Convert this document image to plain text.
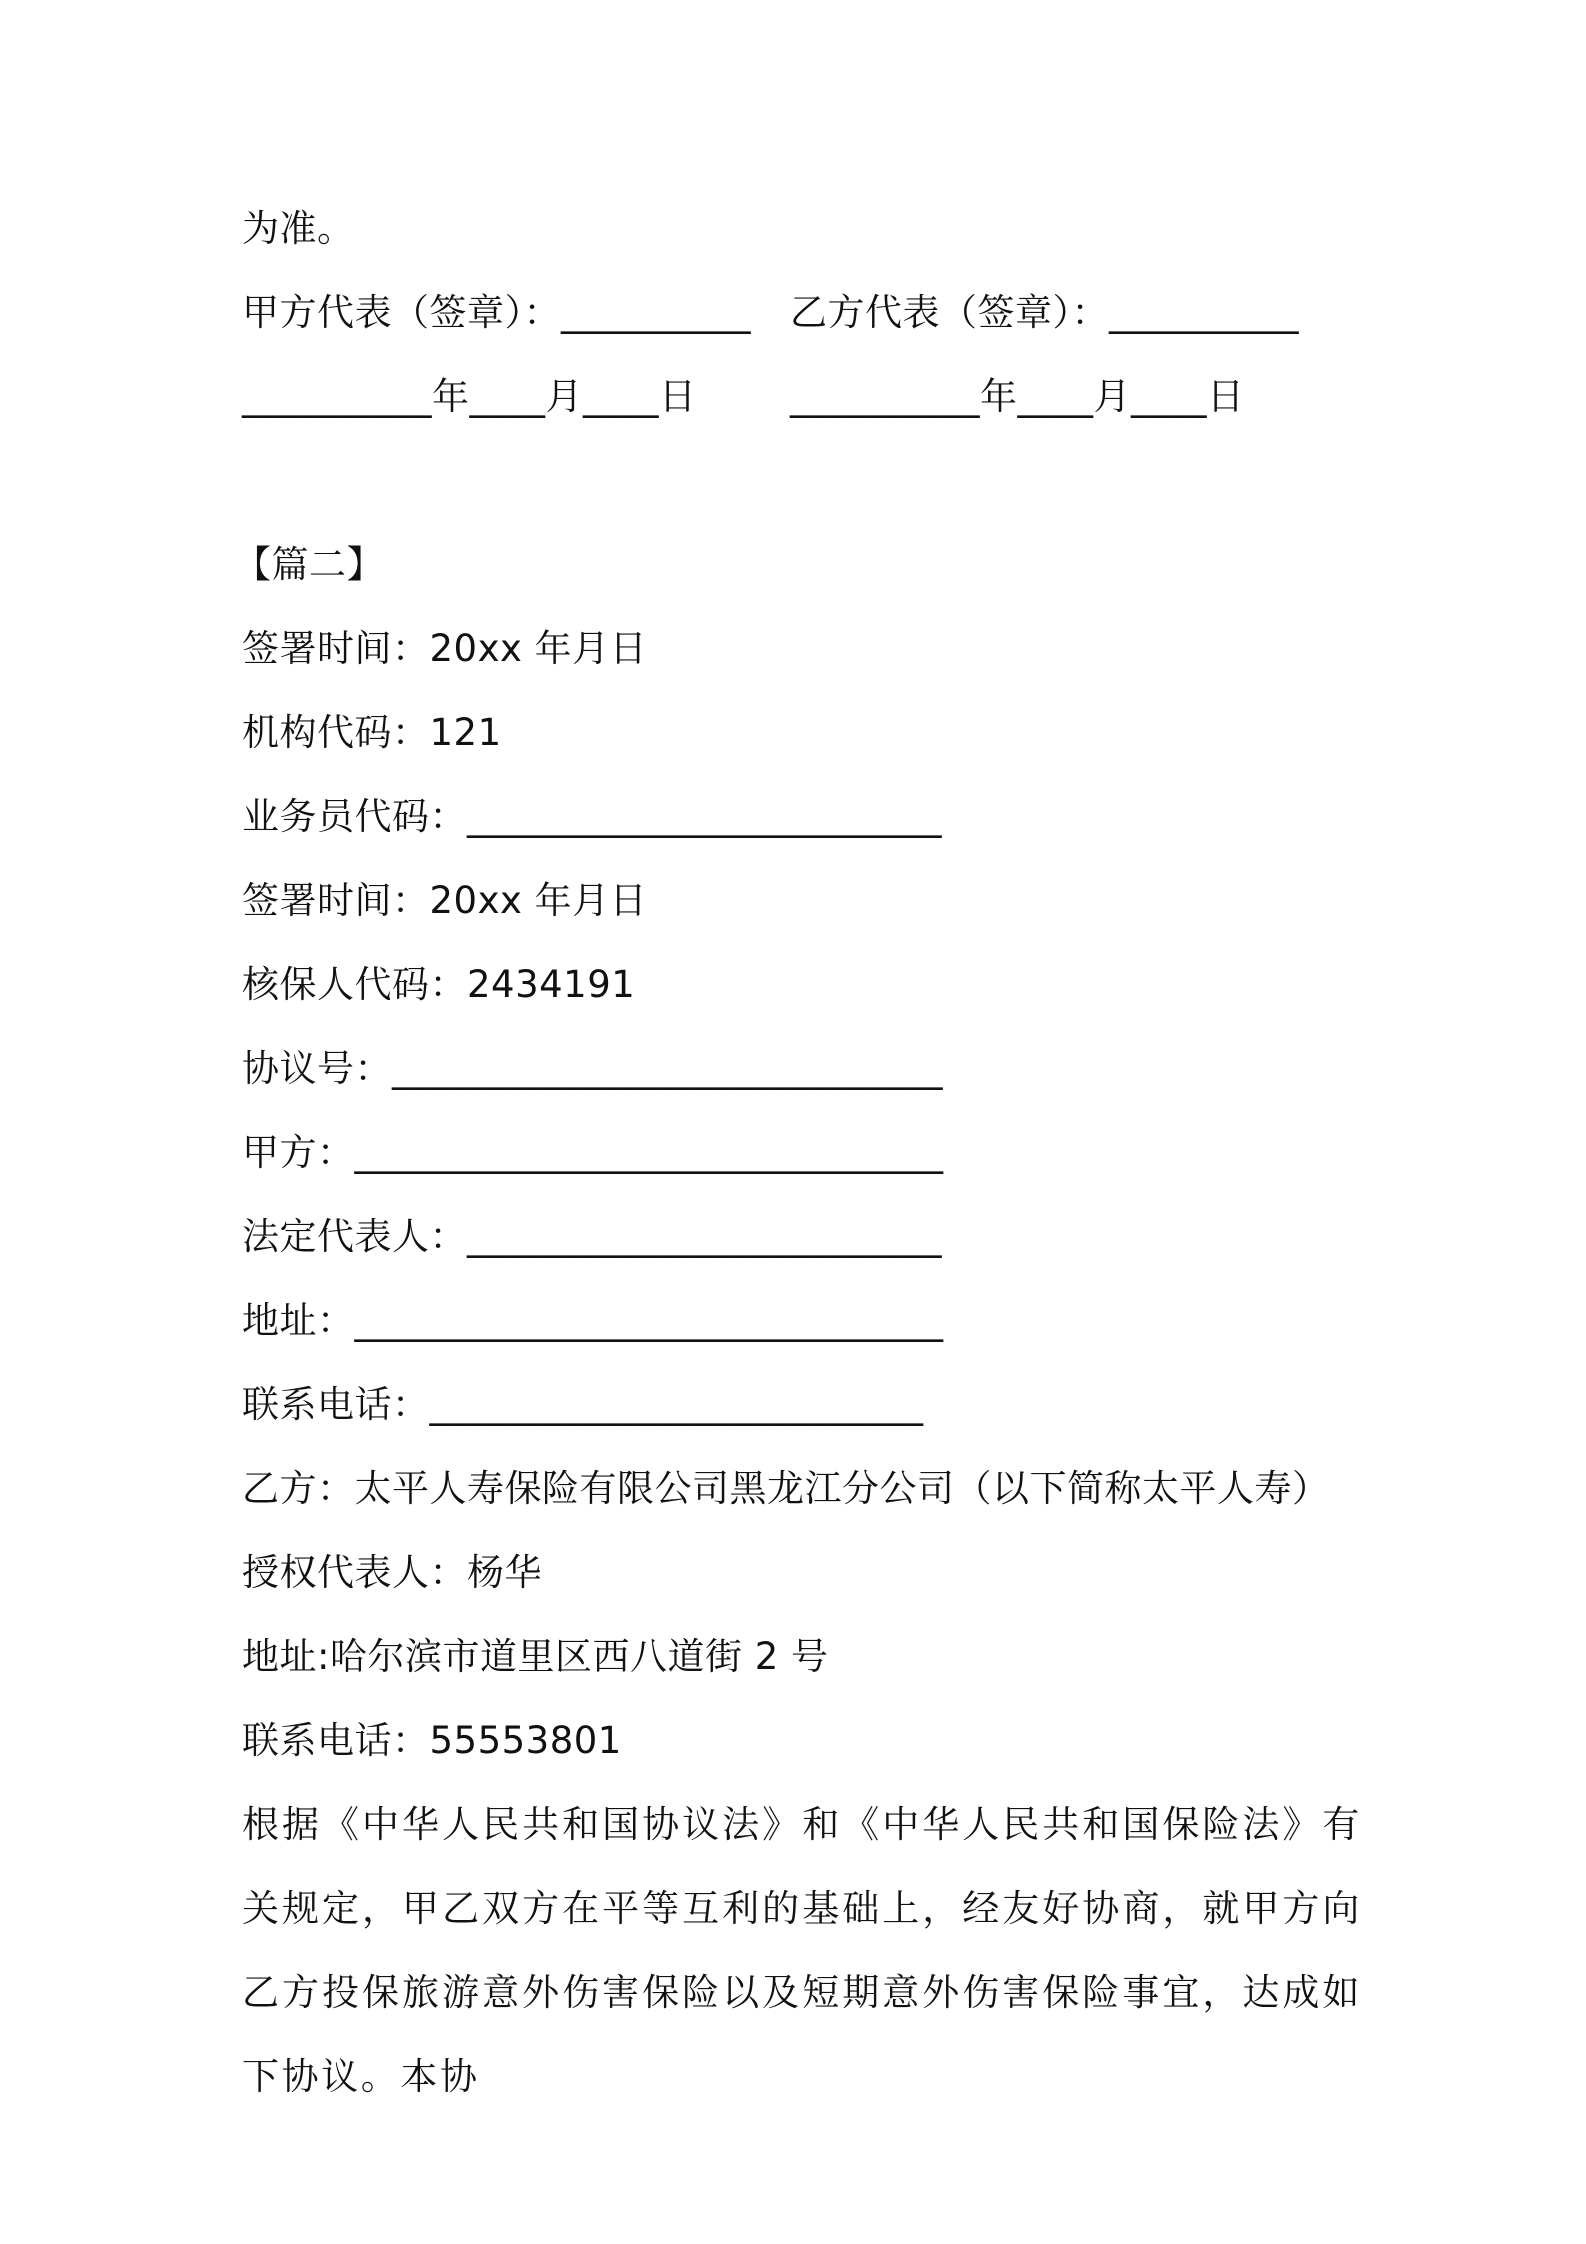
为准。
甲方代表（签章）：__________ 乙方代表（签章）：__________
__________年____月____日	__________年____月____日
【篇二】
签署时间：20xx 年月日
机构代码：121
业务员代码：_________________________
签署时间：20xx 年月日
核保人代码：2434191
协议号：_____________________________
甲方：_______________________________
法定代表人：_________________________
地址：_______________________________
联系电话：__________________________
乙方：太平人寿保险有限公司黑龙江分公司（以下简称太平人寿）
授权代表人：杨华
地址:哈尔滨市道里区西八道街 2 号
联系电话：55553801
根据《中华人民共和国协议法》和《中华人民共和国保险法》有关规定，甲乙双方在平等互利的基础上，经友好协商，就甲方向乙方投保旅游意外伤害保险以及短期意外伤害保险事宜，达成如下协议。本协
